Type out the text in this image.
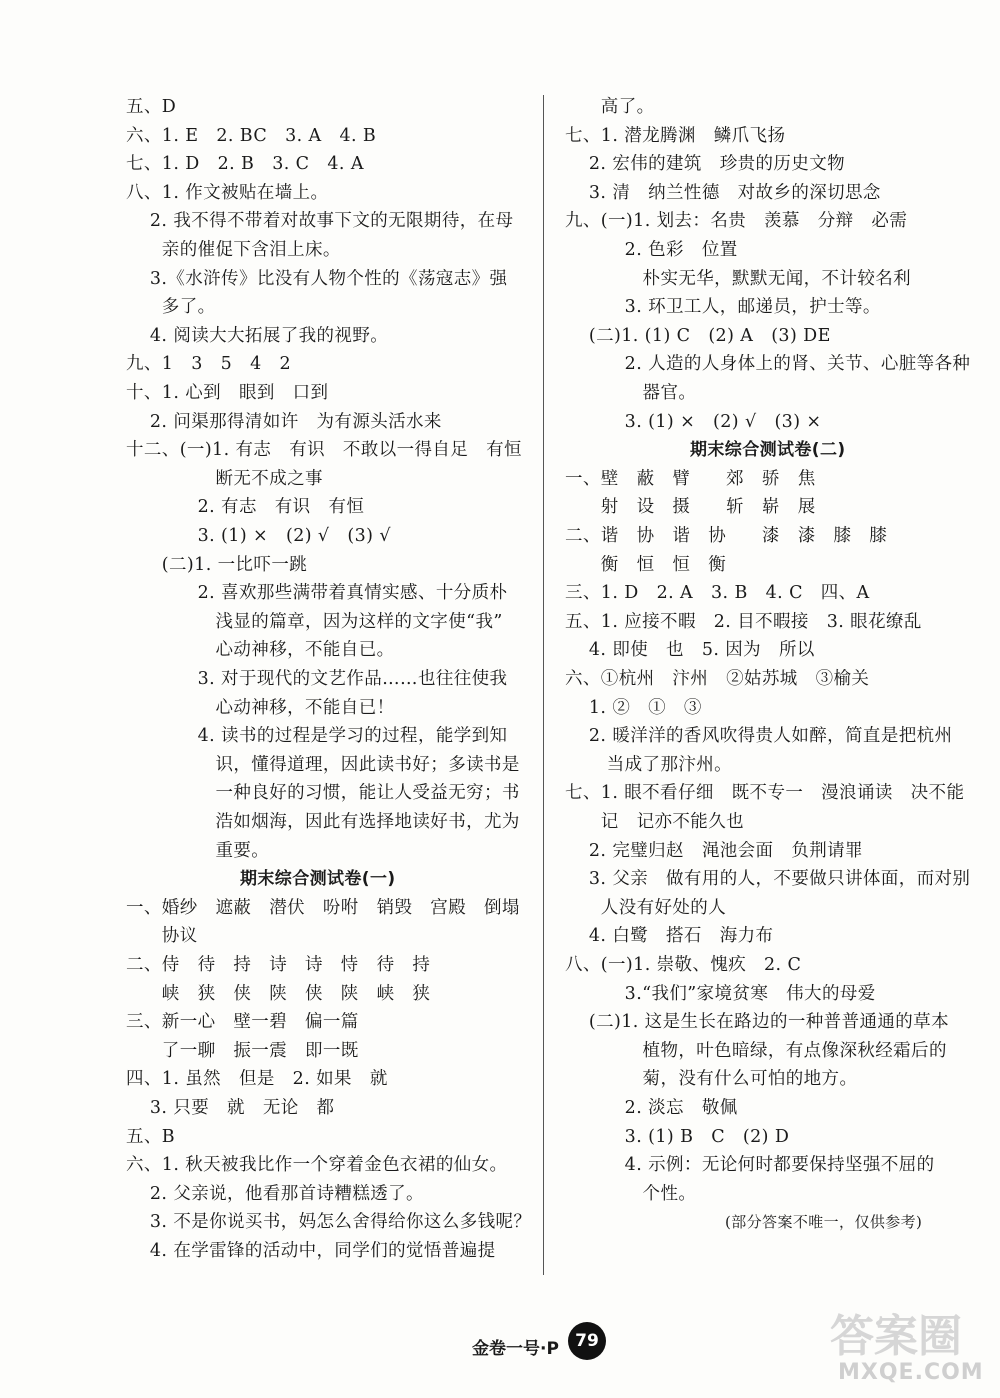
五、D
六、1. E　2. BC　3. A　4. B
七、1. D　2. B　3. C　4. A
八、1. 作文被贴在墙上。
　 2. 我不得不带着对故事下文的无限期待，在母
　　亲的催促下含泪上床。
　 3.《水浒传》比没有人物个性的《荡寇志》强
　　多了。
　 4. 阅读大大拓展了我的视野。
九、1　3　5　4　2
十、1. 心到　眼到　口到
　 2. 问渠那得清如许　为有源头活水来
十二、(一)1. 有志　有识　不敢以一得自足　有恒
　　　　　断无不成之事
　　　　2. 有志　有识　有恒
　　　　3. (1) ×　(2) √　(3) √
　　(二)1. 一比吓一跳
　　　　2. 喜欢那些满带着真情实感、十分质朴
　　　　　浅显的篇章，因为这样的文字使“我”
　　　　　心动神移，不能自已。
　　　　3. 对于现代的文艺作品……也往往使我
　　　　　心动神移，不能自已！
　　　　4. 读书的过程是学习的过程，能学到知
　　　　　识，懂得道理，因此读书好；多读书是
　　　　　一种良好的习惯，能让人受益无穷；书
　　　　　浩如烟海，因此有选择地读好书，尤为
　　　　　重要。
期末综合测试卷(一)
一、婚纱　遮蔽　潜伏　吩咐　销毁　宫殿　倒塌
　　协议
二、侍　待　持　诗　诗　恃　待　持
　　峡　狭　侠　陕　侠　陕　峡　狭
三、新一心　壁一碧　偏一篇
　　了一聊　振一震　即一既
四、1. 虽然　但是　2. 如果　就
　 3. 只要　就　无论　都
五、B
六、1. 秋天被我比作一个穿着金色衣裙的仙女。
　 2. 父亲说，他看那首诗糟糕透了。
　 3. 不是你说买书，妈怎么舍得给你这么多钱呢？
　 4. 在学雷锋的活动中，同学们的觉悟普遍提
　　高了。
七、1. 潜龙腾渊　鳞爪飞扬
　 2. 宏伟的建筑　珍贵的历史文物
　 3. 清　纳兰性德　对故乡的深切思念
九、(一)1. 划去：名贵　羡慕　分辩　必需
　　　 2. 色彩　位置
　　　　 朴实无华，默默无闻，不计较名利
　　　 3. 环卫工人，邮递员，护士等。
　 (二)1. (1) C　(2) A　(3) DE
　　　 2. 人造的人身体上的肾、关节、心脏等各种
　　　　 器官。
　　　 3. (1) ×　(2) √　(3) ×
期末综合测试卷(二)
一、壁　蔽　臂　　郊　骄　焦
　　射　设　摄　　斩　崭　展
二、谐　协　谐　协　　漆　漆　膝　膝
　　衡　恒　恒　衡
三、1. D　2. A　3. B　4. C　四、A
五、1. 应接不暇　2. 目不暇接　3. 眼花缭乱
　 4. 即使　也　5. 因为　所以
六、①杭州　汴州　②姑苏城　③榆关
　 1. ②　①　③
　 2. 暖洋洋的香风吹得贵人如醉，简直是把杭州
　　 当成了那汴州。
七、1. 眼不看仔细　既不专一　漫浪诵读　决不能
　　记　记亦不能久也
　 2. 完璧归赵　渑池会面　负荆请罪
　 3. 父亲　做有用的人，不要做只讲体面，而对别
　　人没有好处的人
　 4. 白鹭　搭石　海力布
八、(一)1. 崇敬、愧疚　2. C
　　　 3.“我们”家境贫寒　伟大的母爱
　 (二)1. 这是生长在路边的一种普普通通的草本
　　　　 植物，叶色暗绿，有点像深秋经霜后的
　　　　 菊，没有什么可怕的地方。
　　　 2. 淡忘　敬佩
　　　 3. (1) B　C　(2) D
　　　 4. 示例：无论何时都要保持坚强不屈的
　　　　 个性。
(部分答案不唯一，仅供参考)
金卷一号·P 79	答案圈
MXQE.COM
